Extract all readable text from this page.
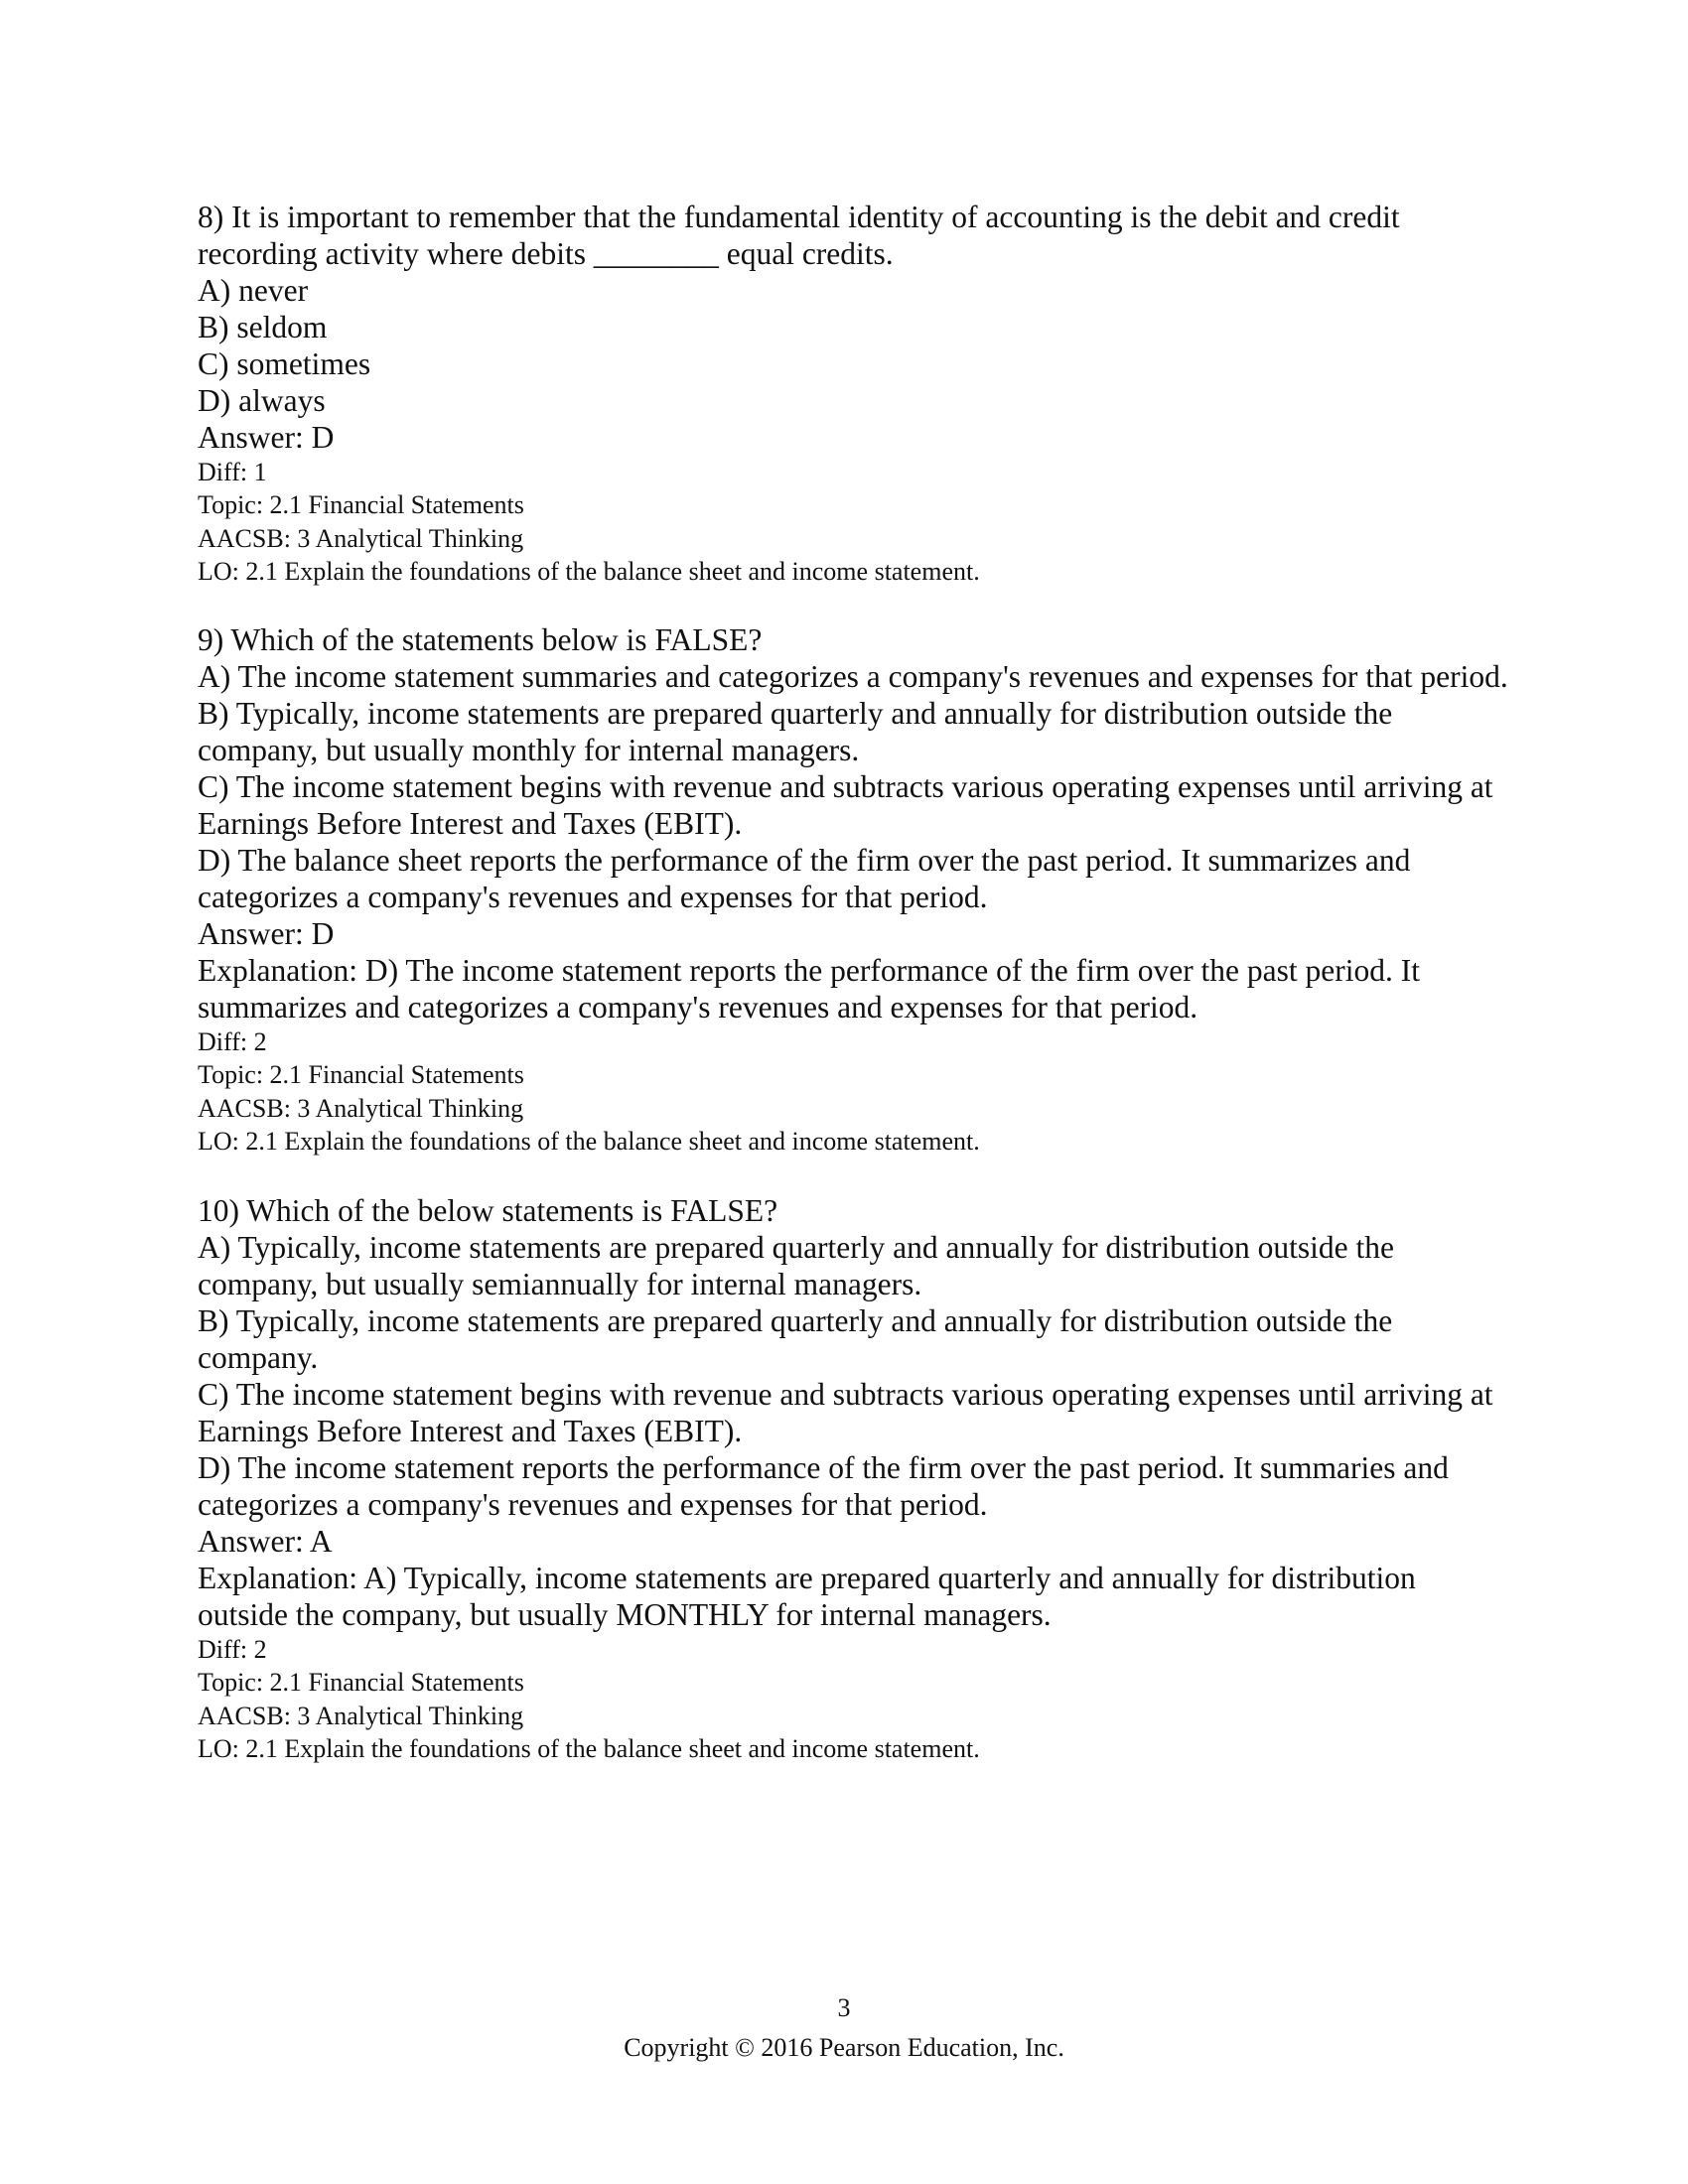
8) It is important to remember that the fundamental identity of accounting is the debit and credit
recording activity where debits ________ equal credits.
A) never
B) seldom
C) sometimes
D) always
Answer: D
Diff: 1
Topic: 2.1 Financial Statements
AACSB: 3 Analytical Thinking
LO: 2.1 Explain the foundations of the balance sheet and income statement.
9) Which of the statements below is FALSE?
A) The income statement summaries and categorizes a company's revenues and expenses for that period.
B) Typically, income statements are prepared quarterly and annually for distribution outside the
company, but usually monthly for internal managers.
C) The income statement begins with revenue and subtracts various operating expenses until arriving at
Earnings Before Interest and Taxes (EBIT).
D) The balance sheet reports the performance of the firm over the past period. It summarizes and
categorizes a company's revenues and expenses for that period.
Answer: D
Explanation: D) The income statement reports the performance of the firm over the past period. It
summarizes and categorizes a company's revenues and expenses for that period.
Diff: 2
Topic: 2.1 Financial Statements
AACSB: 3 Analytical Thinking
LO: 2.1 Explain the foundations of the balance sheet and income statement.
10) Which of the below statements is FALSE?
A) Typically, income statements are prepared quarterly and annually for distribution outside the
company, but usually semiannually for internal managers.
B) Typically, income statements are prepared quarterly and annually for distribution outside the
company.
C) The income statement begins with revenue and subtracts various operating expenses until arriving at
Earnings Before Interest and Taxes (EBIT).
D) The income statement reports the performance of the firm over the past period. It summaries and
categorizes a company's revenues and expenses for that period.
Answer: A
Explanation: A) Typically, income statements are prepared quarterly and annually for distribution
outside the company, but usually MONTHLY for internal managers.
Diff: 2
Topic: 2.1 Financial Statements
AACSB: 3 Analytical Thinking
LO: 2.1 Explain the foundations of the balance sheet and income statement.
3
Copyright © 2016 Pearson Education, Inc.
